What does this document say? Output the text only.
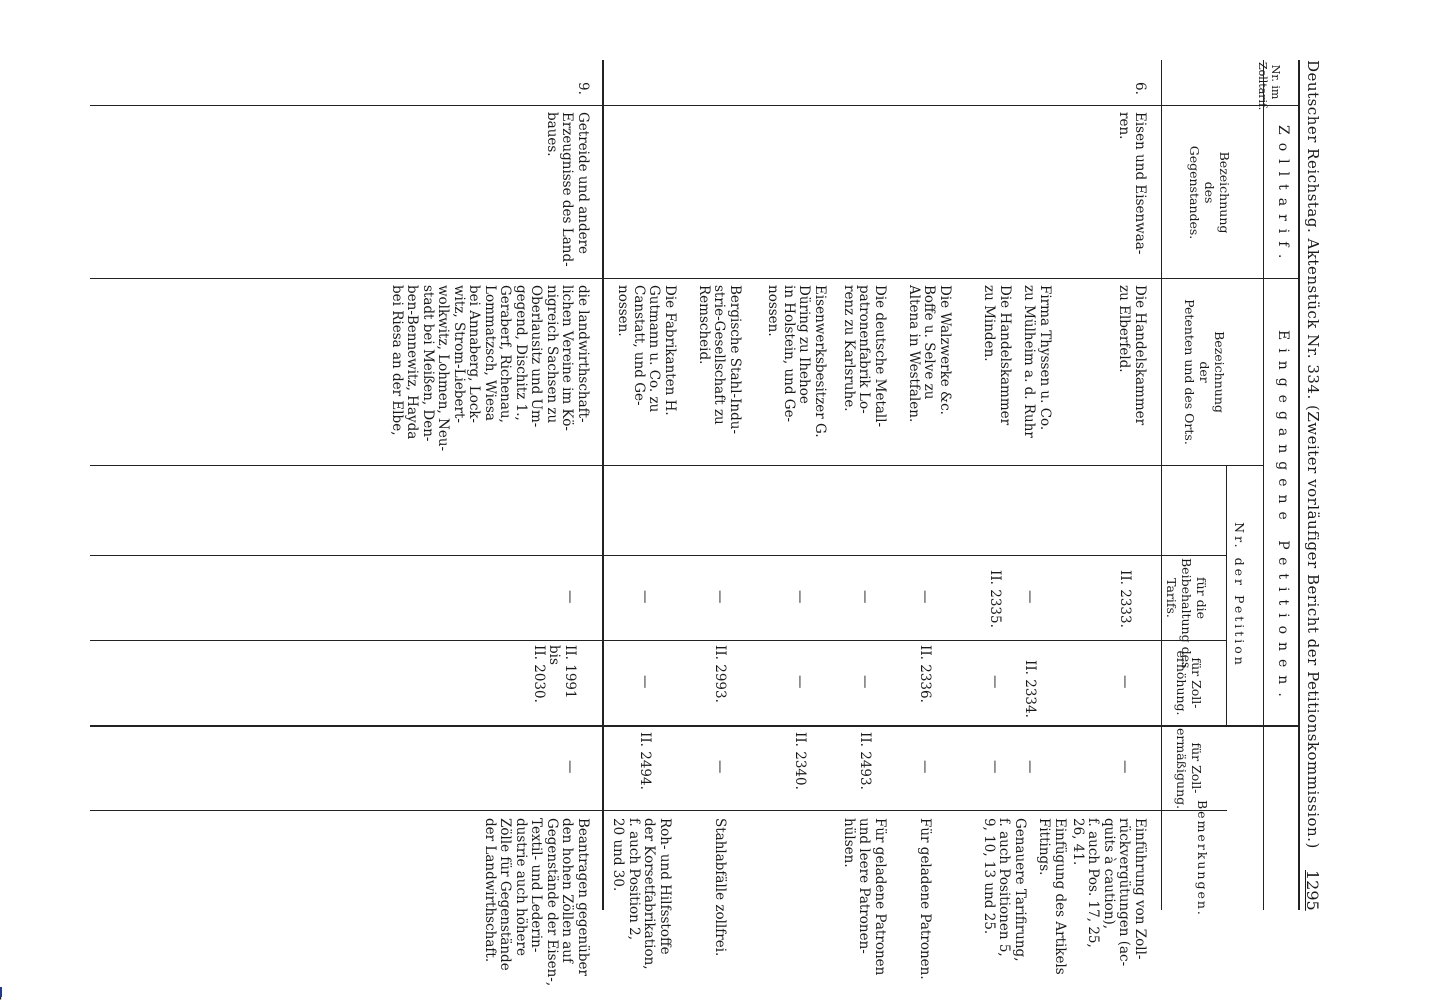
Deutscher Reichstag. Aktenstück Nr. 334. (Zweiter vorläufiger Bericht der Petitionskommission.)
1295
Zolltarif.
Eingegangene Petitionen.
Nr. im Zolltarif.
Bezeichnung
des
Gegenstandes.
Bezeichnung
der
Petenten und des Orts.
Nr. der Petition
für die
Beibehaltung des
Tarifs.
für Zoll-
erhöhung.
für Zoll-
ermäßigung.
Bemerkungen.
6.
Eisen und Eisenwaa-
ren.
Die Handelskammer
zu Elberfeld.
II. 2333.
—
—
Einführung von Zoll-
rückvergütungen (ac-
quits à caution),
f. auch Pos. 17, 25,
26, 41.
Firma Thyssen u. Co.
zu Mülheim a. d. Ruhr
—
II. 2334.
—
Einfügung des Artikels
Fittings.
Die Handelskammer
zu Minden.
II. 2335.
—
—
Genauere Tarifirung,
f. auch Positionen 5,
9, 10, 13 und 25.
Die Walzwerke &c.
Boffe u. Selve zu
Altena in Westfalen.
—
II. 2336.
—
Für geladene Patronen.
Die deutsche Metall-
patronenfabrik Lo-
renz zu Karlsruhe.
—
—
II. 2493.
Für geladene Patronen
und leere Patronen-
hülsen.
Eisenwerksbesitzer G.
Düring zu Ihehoe
in Holstein, und Ge-
nossen.
—
—
II. 2340.
Bergische Stahl-Indu-
strie-Gesellschaft zu
Remscheid.
—
II. 2993.
—
Stahlabfälle zollfrei.
Die Fabrikanten H.
Gutmann u. Co. zu
Canstatt, und Ge-
nossen.
—
—
II. 2494.
Roh- und Hilfsstoffe
der Korsetfabrikation,
f. auch Position 2,
20 und 30.
9.
Getreide und andere
Erzeugnisse des Land-
baues.
die landwirthschaft-
lichen Vereine im Kö-
nigreich Sachsen zu
Oberlausitz und Um-
gegend, Dischitz 1.,
Geraberf, Richenau,
Lommatzsch, Wiesa
bei Annaberg, Lock-
witz, Strom-Liebert-
wolkwitz, Lohmen, Neu-
stadt bei Meißen, Den-
ben-Bennewitz, Hayda
bei Riesa an der Elbe,
—
II. 1991
bis
II. 2030.
—
Beantragen gegenüber
den hohen Zöllen auf
Gegenstände der Eisen-,
Textil- und Lederin-
dustrie auch höhere
Zölle für Gegenstände
der Landwirthschaft.
